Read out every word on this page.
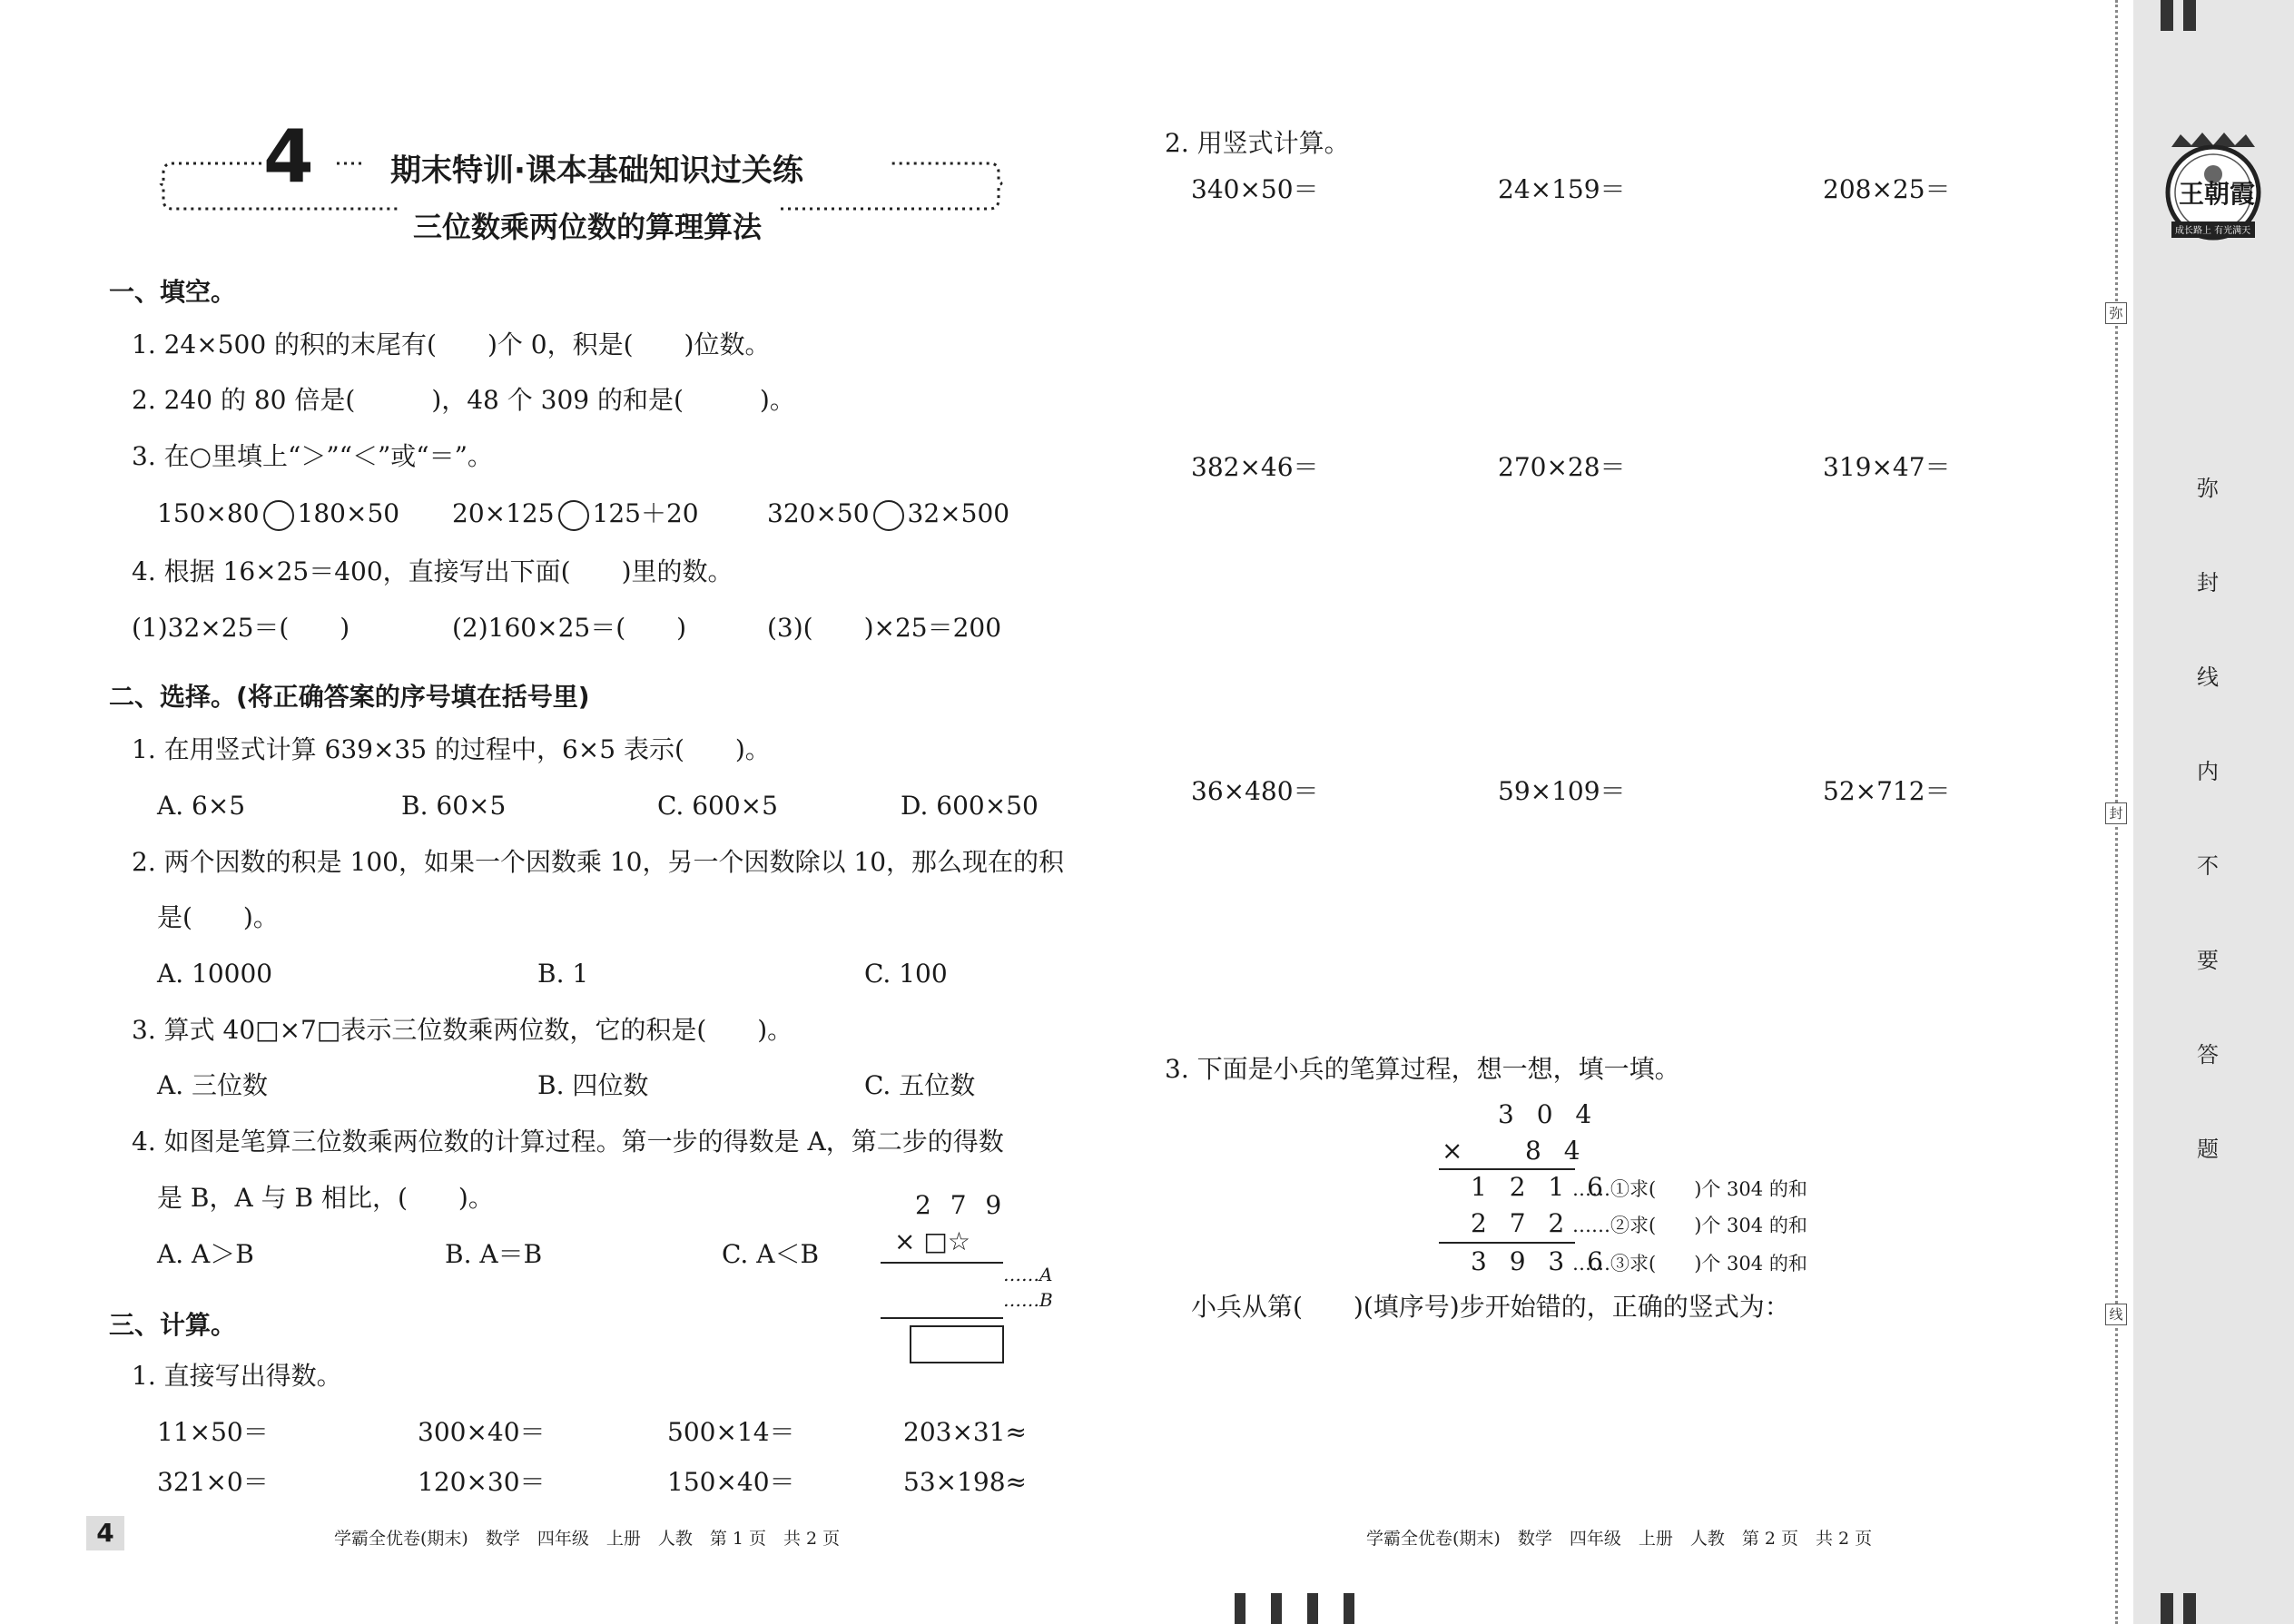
王朝霞
成长路上 有光满天
弥
封
线
内
不
要
答
题
弥
封
线
4 期末特训·课本基础知识过关练
三位数乘两位数的算理算法
一、填空。
1. 24×500 的积的末尾有(　　)个 0，积是(　　)位数。
2. 240 的 80 倍是(　　　)，48 个 309 的和是(　　　)。
3. 在○里填上“＞”“＜”或“＝”。
150×80 180×50 20×125 125＋20	320×50 32×500
4. 根据 16×25＝400，直接写出下面(　　)里的数。
(1)32×25＝(　　)	(2)160×25＝(　　)	(3)(　　)×25＝200
二、选择。(将正确答案的序号填在括号里)
1. 在用竖式计算 639×35 的过程中，6×5 表示(　　)。
A. 6×5	B. 60×5	C. 600×5	D. 600×50
2. 两个因数的积是 100，如果一个因数乘 10，另一个因数除以 10，那么现在的积
是(　　)。
A. 10000	B. 1	C. 100
3. 算式 40□×7□表示三位数乘两位数，它的积是(　　)。
A. 三位数	B. 四位数	C. 五位数
4. 如图是笔算三位数乘两位数的计算过程。第一步的得数是 A，第二步的得数
是 B，A 与 B 相比，(　　)。
A. A＞B	B. A＝B	C. A＜B
2 7 9
× □☆
……A
……B
三、计算。
1. 直接写出得数。
11×50＝	300×40＝	500×14＝	203×31≈
321×0＝	120×30＝	150×40＝	53×198≈
4	学霸全优卷(期末)　数学　四年级　上册　人教　第 1 页　共 2 页
2. 用竖式计算。
340×50＝	24×159＝	208×25＝
382×46＝	270×28＝	319×47＝
36×480＝	59×109＝	52×712＝
3. 下面是小兵的笔算过程，想一想，填一填。
3 0 4
× 8 4
1 2 1 6
……①求(　　)个 304 的和
2 7 2 ……②求(　　)个 304 的和
3 9 3 6
……③求(　　)个 304 的和
小兵从第(　　)(填序号)步开始错的，正确的竖式为：
学霸全优卷(期末)　数学　四年级　上册　人教　第 2 页　共 2 页
